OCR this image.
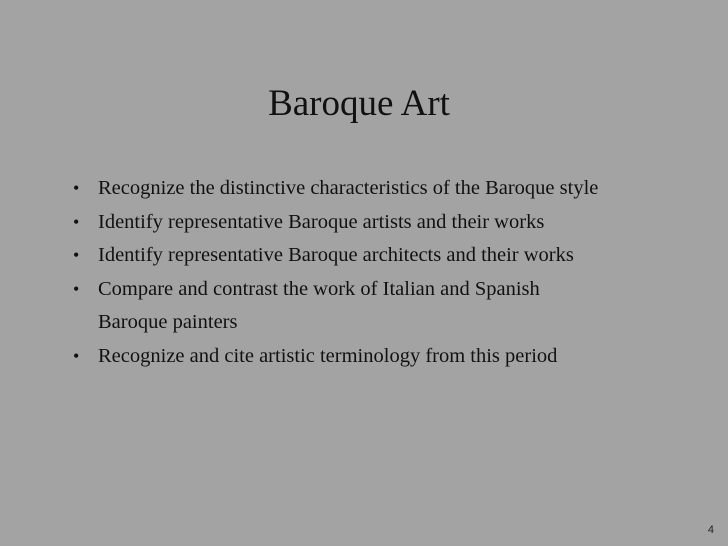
Baroque Art
• Recognize the distinctive characteristics of the Baroque style
• Identify representative Baroque artists and their works
• Identify representative Baroque architects and their works
• Compare and contrast the work of Italian and Spanish
Baroque painters
• Recognize and cite artistic terminology from this period
4
